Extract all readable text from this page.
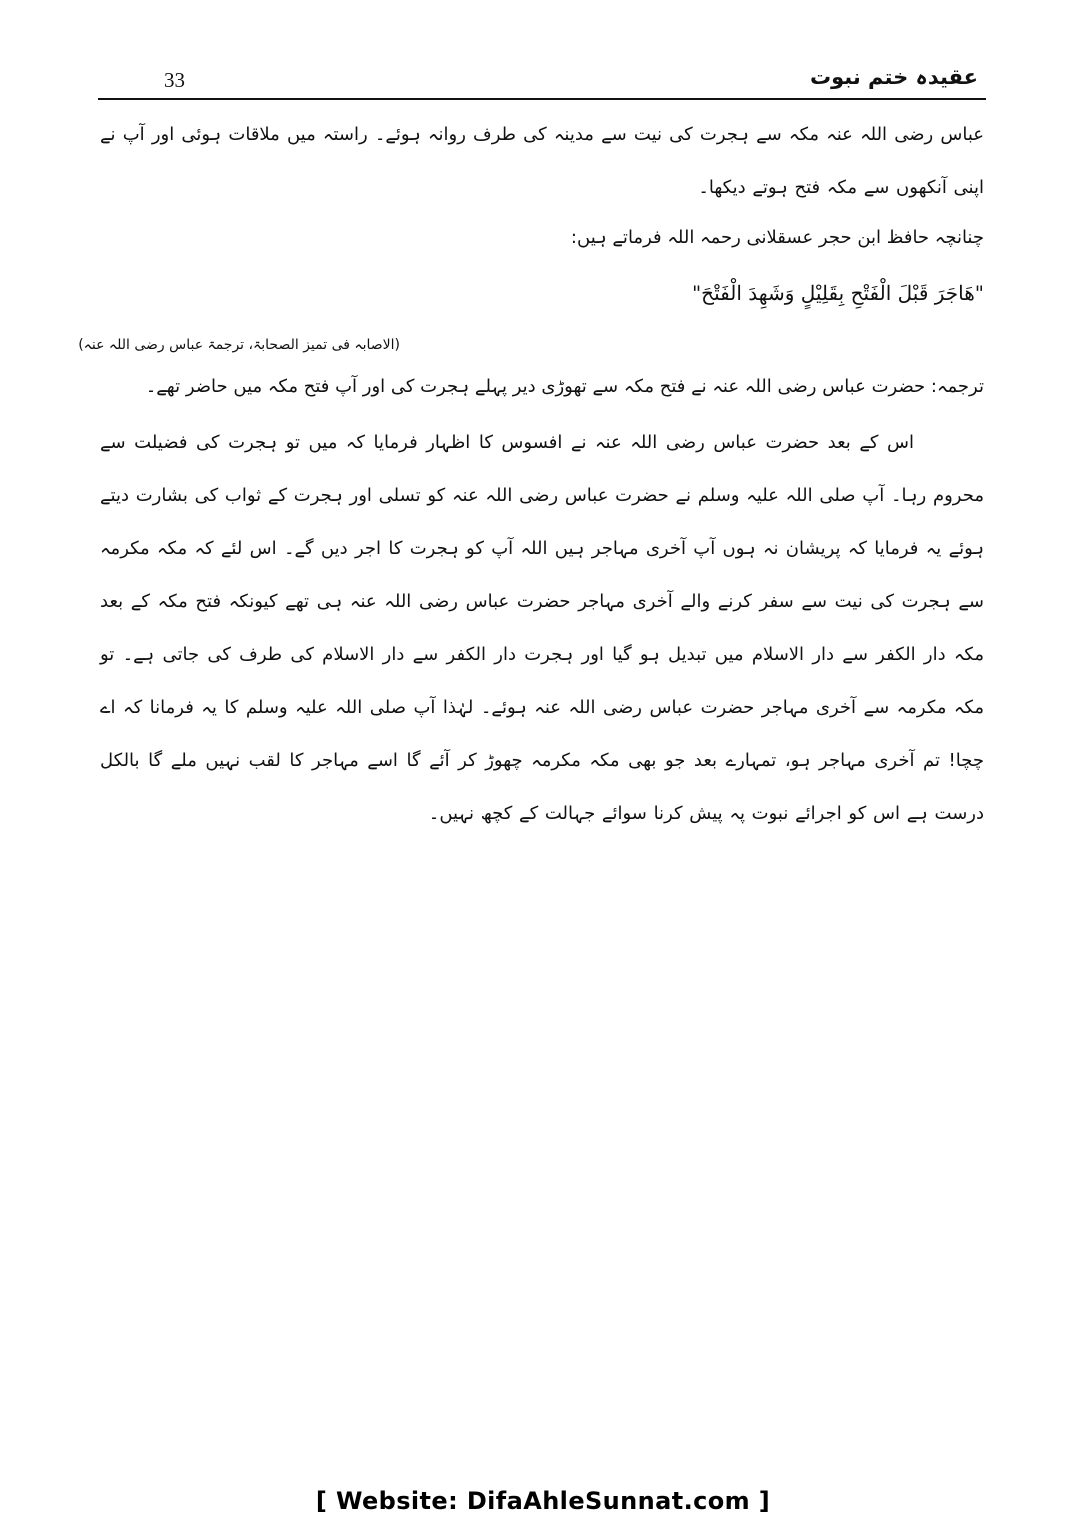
33	عقیدہ ختم نبوت
عباس رضی اللہ عنہ مکہ سے ہجرت کی نیت سے مدینہ کی طرف روانہ ہوئے۔ راستہ میں ملاقات ہوئی اور آپ نے اپنی آنکھوں سے مکہ فتح ہوتے دیکھا۔
چنانچہ حافظ ابن حجر عسقلانی رحمہ اللہ فرماتے ہیں:
"هَاجَرَ قَبْلَ الْفَتْحِ بِقَلِيْلٍ وَشَهِدَ الْفَتْحَ"
(الاصابہ فی تمیز الصحابۃ، ترجمۃ عباس رضی اللہ عنہ)
ترجمہ: حضرت عباس رضی اللہ عنہ نے فتح مکہ سے تھوڑی دیر پہلے ہجرت کی اور آپ فتح مکہ میں حاضر تھے۔
اس کے بعد حضرت عباس رضی اللہ عنہ نے افسوس کا اظہار فرمایا کہ میں تو ہجرت کی فضیلت سے محروم رہا۔ آپ صلی اللہ علیہ وسلم نے حضرت عباس رضی اللہ عنہ کو تسلی اور ہجرت کے ثواب کی بشارت دیتے ہوئے یہ فرمایا کہ پریشان نہ ہوں آپ آخری مہاجر ہیں اللہ آپ کو ہجرت کا اجر دیں گے۔ اس لئے کہ مکہ مکرمہ سے ہجرت کی نیت سے سفر کرنے والے آخری مہاجر حضرت عباس رضی اللہ عنہ ہی تھے کیونکہ فتح مکہ کے بعد مکہ دار الکفر سے دار الاسلام میں تبدیل ہو گیا اور ہجرت دار الکفر سے دار الاسلام کی طرف کی جاتی ہے۔ تو مکہ مکرمہ سے آخری مہاجر حضرت عباس رضی اللہ عنہ ہوئے۔ لہٰذا آپ صلی اللہ علیہ وسلم کا یہ فرمانا کہ اے چچا! تم آخری مہاجر ہو، تمہارے بعد جو بھی مکہ مکرمہ چھوڑ کر آئے گا اسے مہاجر کا لقب نہیں ملے گا بالکل درست ہے اس کو اجرائے نبوت پہ پیش کرنا سوائے جہالت کے کچھ نہیں۔
[ Website: DifaAhleSunnat.com ]
